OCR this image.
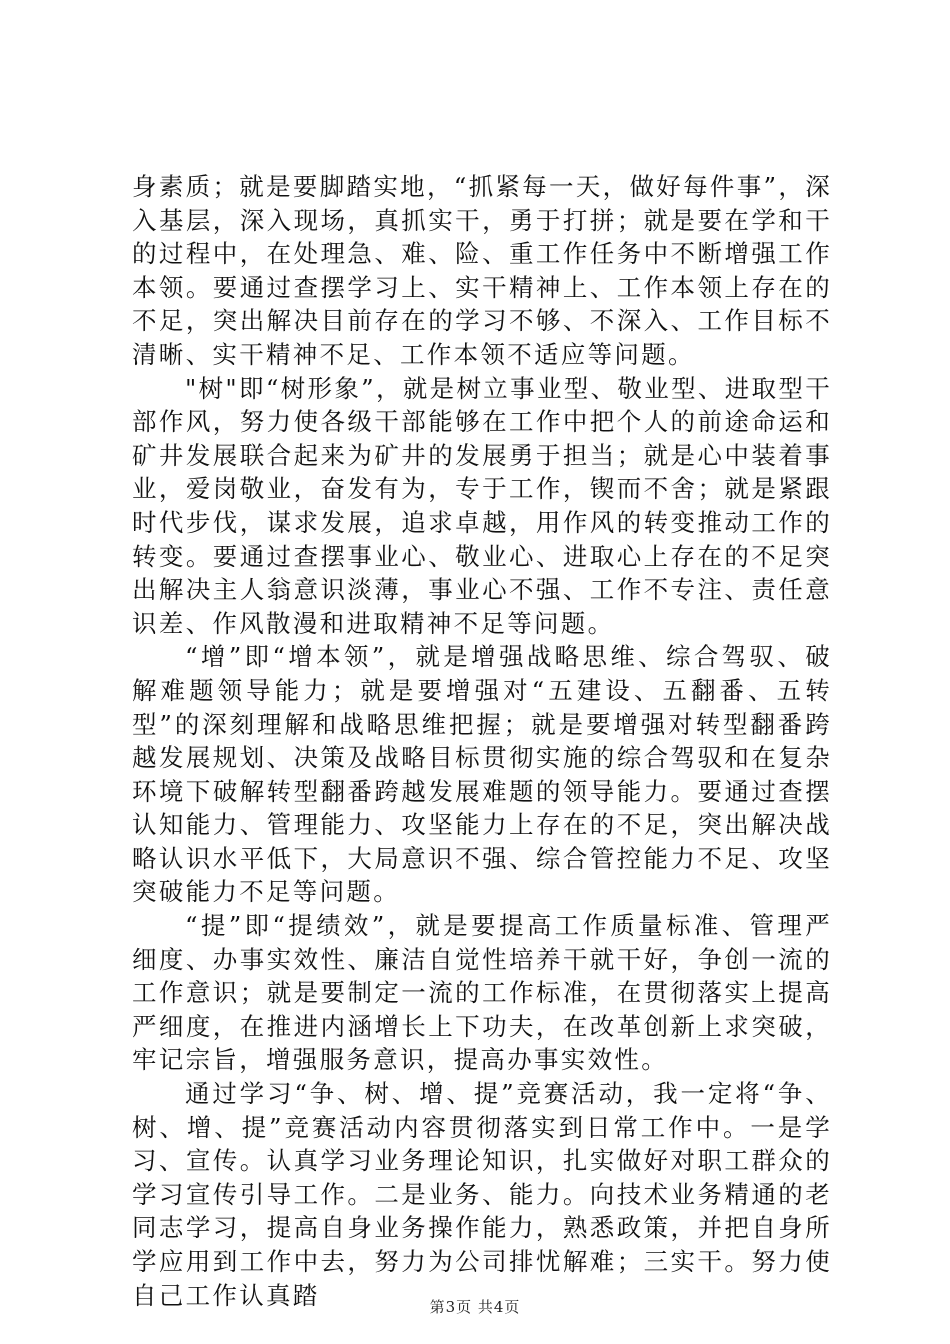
身素质；就是要脚踏实地，“抓紧每一天，做好每件事”，深入基层，深入现场，真抓实干，勇于打拼；就是要在学和干的过程中，在处理急、难、险、重工作任务中不断增强工作本领。要通过查摆学习上、实干精神上、工作本领上存在的不足，突出解决目前存在的学习不够、不深入、工作目标不清晰、实干精神不足、工作本领不适应等问题。

"树"即“树形象”，就是树立事业型、敬业型、进取型干部作风，努力使各级干部能够在工作中把个人的前途命运和矿井发展联合起来为矿井的发展勇于担当；就是心中装着事业，爱岗敬业，奋发有为，专于工作，锲而不舍；就是紧跟时代步伐，谋求发展，追求卓越，用作风的转变推动工作的转变。要通过查摆事业心、敬业心、进取心上存在的不足突出解决主人翁意识淡薄，事业心不强、工作不专注、责任意识差、作风散漫和进取精神不足等问题。

“增”即“增本领”，就是增强战略思维、综合驾驭、破解难题领导能力；就是要增强对“五建设、五翻番、五转型”的深刻理解和战略思维把握；就是要增强对转型翻番跨越发展规划、决策及战略目标贯彻实施的综合驾驭和在复杂环境下破解转型翻番跨越发展难题的领导能力。要通过查摆认知能力、管理能力、攻坚能力上存在的不足，突出解决战略认识水平低下，大局意识不强、综合管控能力不足、攻坚突破能力不足等问题。

“提”即“提绩效”，就是要提高工作质量标准、管理严细度、办事实效性、廉洁自觉性培养干就干好，争创一流的工作意识；就是要制定一流的工作标准，在贯彻落实上提高严细度，在推进内涵增长上下功夫，在改革创新上求突破，牢记宗旨，增强服务意识，提高办事实效性。

通过学习“争、树、增、提”竞赛活动，我一定将“争、树、增、提”竞赛活动内容贯彻落实到日常工作中。一是学习、宣传。认真学习业务理论知识，扎实做好对职工群众的学习宣传引导工作。二是业务、能力。向技术业务精通的老同志学习，提高自身业务操作能力，熟悉政策，并把自身所学应用到工作中去，努力为公司排忧解难；三实干。努力使自己工作认真踏	第3页 共4页
